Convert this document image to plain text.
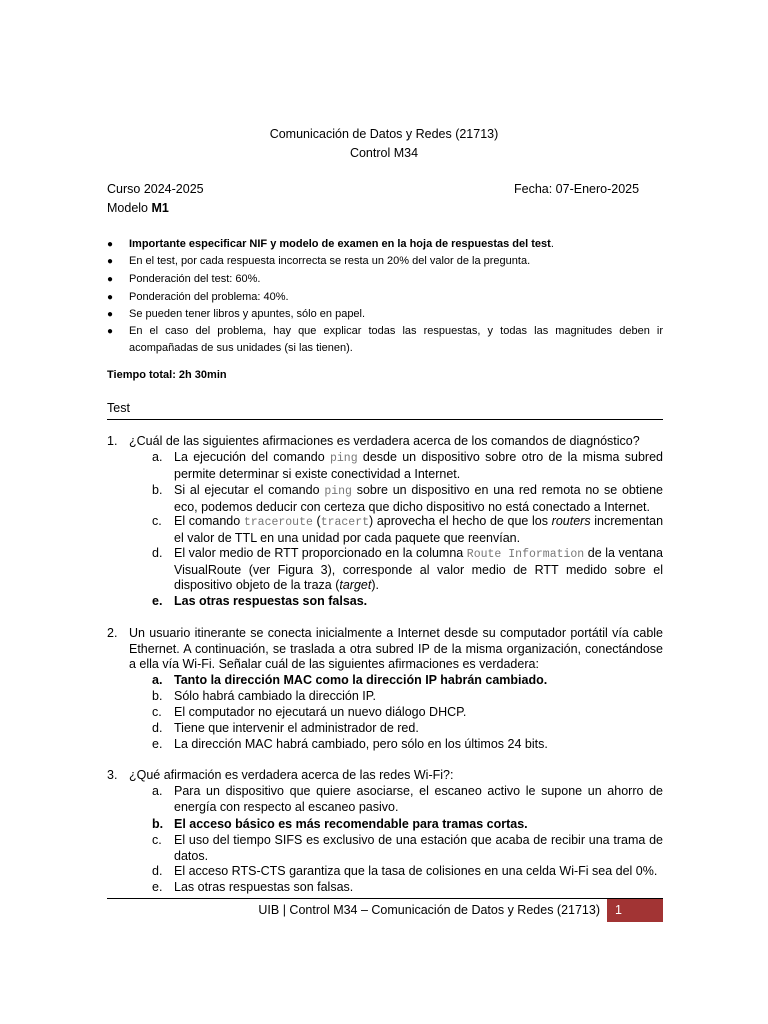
Comunicación de Datos y Redes (21713)
Control M34
Curso 2024-2025	Fecha: 07-Enero-2025
Modelo M1
● Importante especificar NIF y modelo de examen en la hoja de respuestas del test.
● En el test, por cada respuesta incorrecta se resta un 20% del valor de la pregunta.
● Ponderación del test: 60%.
● Ponderación del problema: 40%.
● Se pueden tener libros y apuntes, sólo en papel.
● En el caso del problema, hay que explicar todas las respuestas, y todas las magnitudes deben ir acompañadas de sus unidades (si las tienen).
Tiempo total: 2h 30min
Test
1. ¿Cuál de las siguientes afirmaciones es verdadera acerca de los comandos de diagnóstico?
a. La ejecución del comando ping desde un dispositivo sobre otro de la misma subred permite determinar si existe conectividad a Internet.
b. Si al ejecutar el comando ping sobre un dispositivo en una red remota no se obtiene eco, podemos deducir con certeza que dicho dispositivo no está conectado a Internet.
c. El comando traceroute (tracert) aprovecha el hecho de que los routers incrementan el valor de TTL en una unidad por cada paquete que reenvían.
d. El valor medio de RTT proporcionado en la columna Route Information de la ventana VisualRoute (ver Figura 3), corresponde al valor medio de RTT medido sobre el dispositivo objeto de la traza (target).
e. Las otras respuestas son falsas.
2. Un usuario itinerante se conecta inicialmente a Internet desde su computador portátil vía cable Ethernet. A continuación, se traslada a otra subred IP de la misma organización, conectándose a ella vía Wi-Fi. Señalar cuál de las siguientes afirmaciones es verdadera:
a. Tanto la dirección MAC como la dirección IP habrán cambiado.
b. Sólo habrá cambiado la dirección IP.
c. El computador no ejecutará un nuevo diálogo DHCP.
d. Tiene que intervenir el administrador de red.
e. La dirección MAC habrá cambiado, pero sólo en los últimos 24 bits.
3. ¿Qué afirmación es verdadera acerca de las redes Wi-Fi?:
a. Para un dispositivo que quiere asociarse, el escaneo activo le supone un ahorro de energía con respecto al escaneo pasivo.
b. El acceso básico es más recomendable para tramas cortas.
c. El uso del tiempo SIFS es exclusivo de una estación que acaba de recibir una trama de datos.
d. El acceso RTS-CTS garantiza que la tasa de colisiones en una celda Wi-Fi sea del 0%.
e. Las otras respuestas son falsas.
UIB | Control M34 – Comunicación de Datos y Redes (21713) 1
